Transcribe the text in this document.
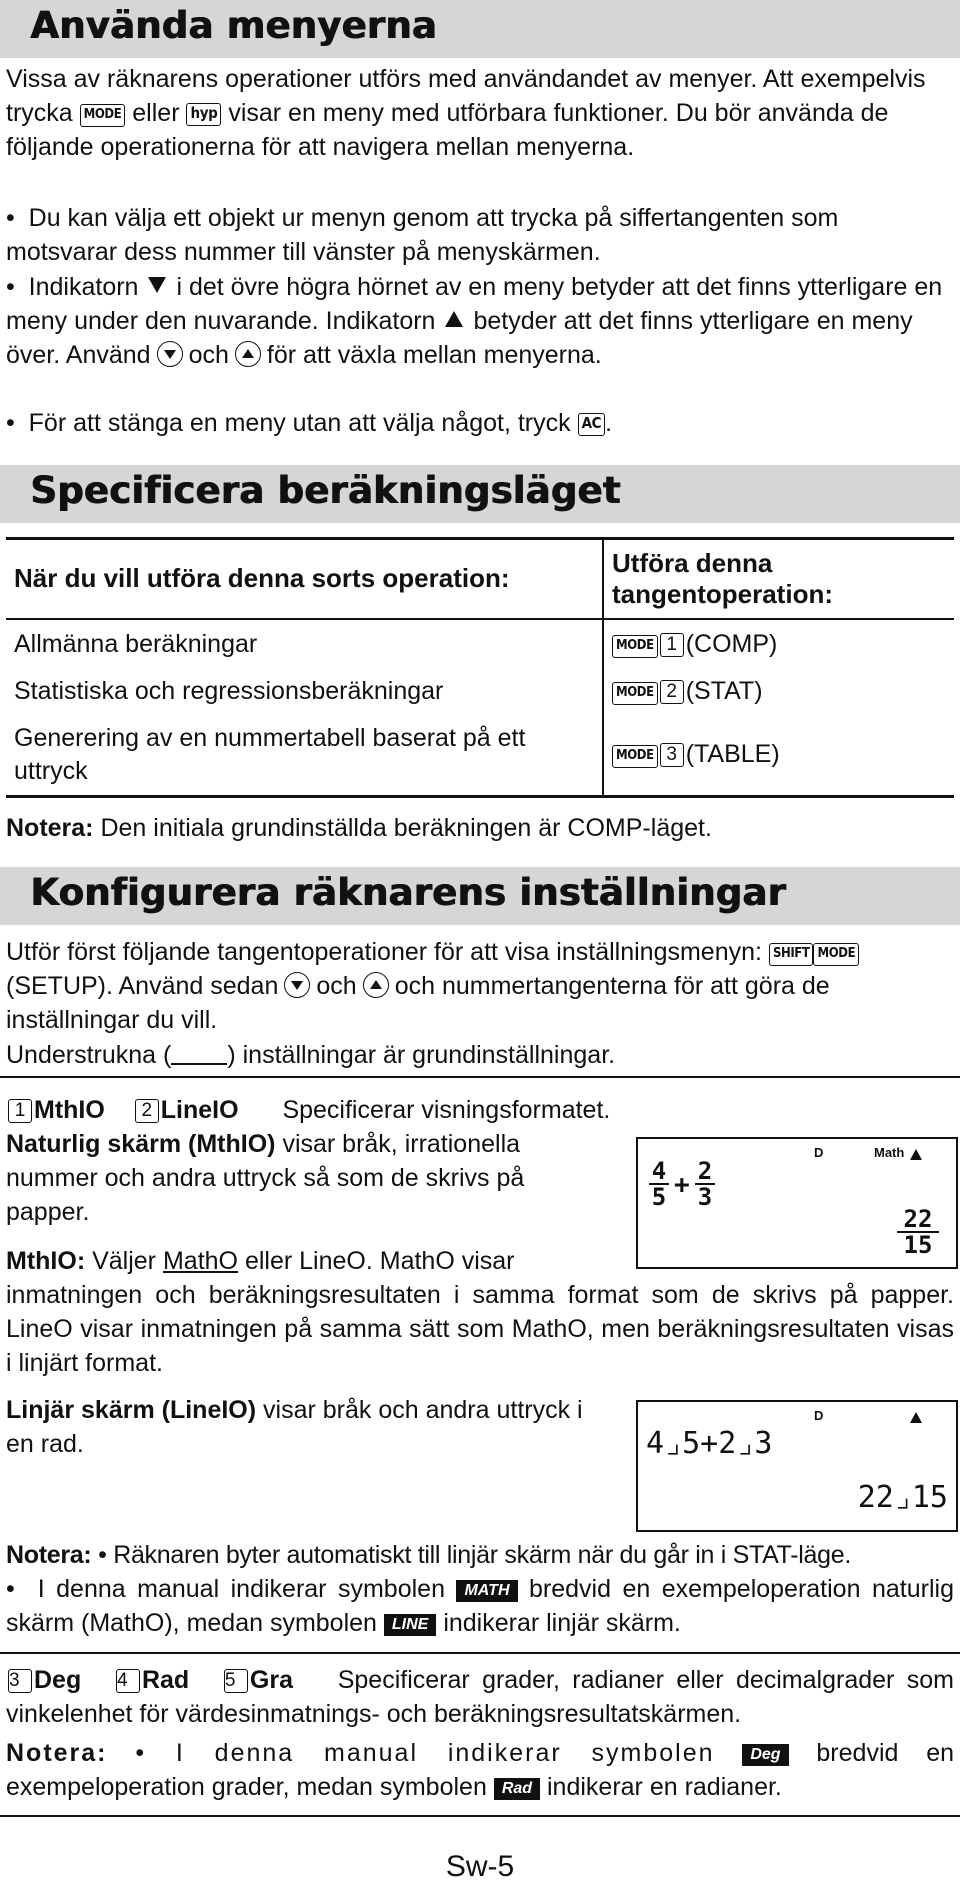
Använda menyerna
Vissa av räknarens operationer utförs med användandet av menyer. Att exempelvis trycka MODE eller hyp visar en meny med utförbara funktioner. Du bör använda de följande operationerna för att navigera mellan menyerna.
• Du kan välja ett objekt ur menyn genom att trycka på siffertangenten som motsvarar dess nummer till vänster på menyskärmen.
• Indikatorn i det övre högra hörnet av en meny betyder att det finns ytterligare en meny under den nuvarande. Indikatorn betyder att det finns ytterligare en meny över. Använd och för att växla mellan menyerna.
• För att stänga en meny utan att välja något, tryck AC .
Specificera beräkningsläget
När du vill utföra denna sorts operation:	Utföra denna tangentoperation:
Allmänna beräkningar	MODE 1 (COMP)
Statistiska och regressionsberäkningar	MODE 2 (STAT)
Generering av en nummertabell baserat på ett uttryck	MODE 3 (TABLE)
Notera: Den initiala grundinställda beräkningen är COMP-läget.
Konfigurera räknarens inställningar
Utför först följande tangentoperationer för att visa inställningsmenyn: SHIFT MODE(SETUP). Använd sedan och och nummertangenterna för att göra de inställningar du vill.
Understrukna ( ) inställningar är grundinställningar.
1 MthIO 2 LineIO Specificerar visningsformatet.
Naturlig skärm (MthIO) visar bråk, irrationella nummer och andra uttryck så som de skrivs på papper.
MthIO: Väljer MathO eller LineO. MathO visar
inmatningen och beräkningsresultaten i samma format som de skrivs på papper. LineO visar inmatningen på samma sätt som MathO, men beräkningsresultaten visas i linjärt format.
D	Math
4
5 + 2
3
22
15
Linjär skärm (LineIO) visar bråk och andra uttryck i en rad.
D
4⌟5+2⌟3
22⌟15
Notera: • Räknaren byter automatiskt till linjär skärm när du går in i STAT-läge.
• I denna manual indikerar symbolen MATH bredvid en exempeloperation naturlig skärm (MathO), medan symbolen LINE indikerar linjär skärm.
3 Deg 4 Rad 5 Gra Specificerar grader, radianer eller decimalgrader som vinkelenhet för värdesinmatnings- och beräkningsresultatskärmen.
Notera:	• I denna manual indikerar symbolen Deg bredvid en exempeloperation grader, medan symbolen Rad indikerar en radianer.
Sw-5
